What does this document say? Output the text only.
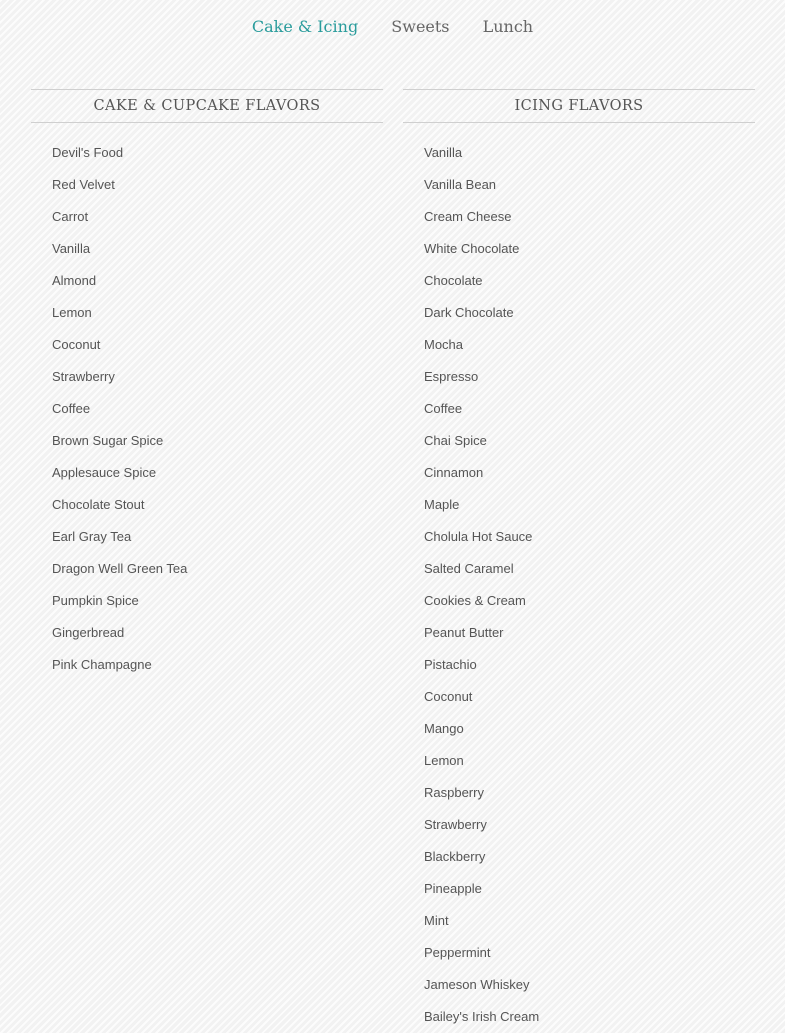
Cake & Icing Sweets Lunch
CAKE & CUPCAKE FLAVORS
Devil's Food
Red Velvet
Carrot
Vanilla
Almond
Lemon
Coconut
Strawberry
Coffee
Brown Sugar Spice
Applesauce Spice
Chocolate Stout
Earl Gray Tea
Dragon Well Green Tea
Pumpkin Spice
Gingerbread
Pink Champagne
ICING FLAVORS
Vanilla
Vanilla Bean
Cream Cheese
White Chocolate
Chocolate
Dark Chocolate
Mocha
Espresso
Coffee
Chai Spice
Cinnamon
Maple
Cholula Hot Sauce
Salted Caramel
Cookies & Cream
Peanut Butter
Pistachio
Coconut
Mango
Lemon
Raspberry
Strawberry
Blackberry
Pineapple
Mint
Peppermint
Jameson Whiskey
Bailey's Irish Cream
